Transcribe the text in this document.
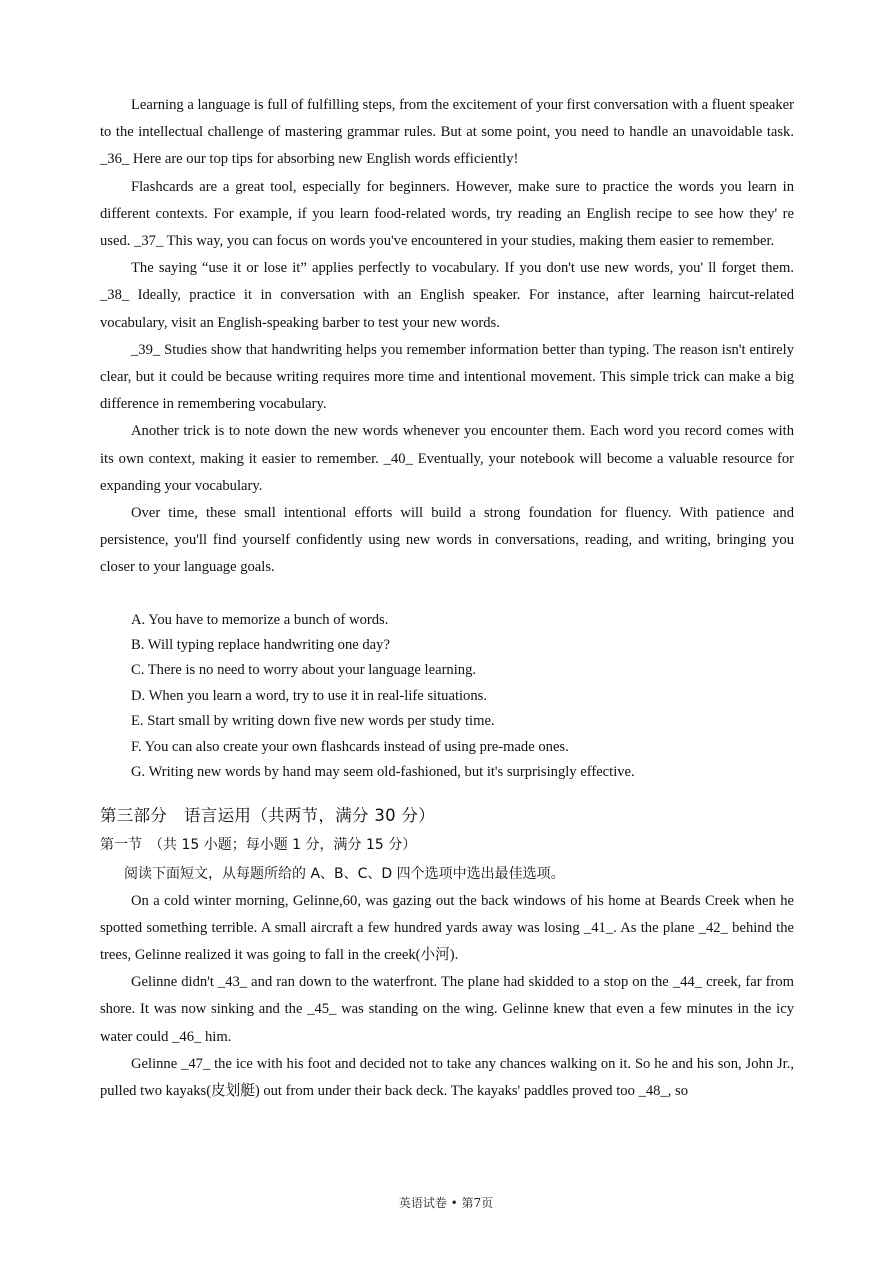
Learning a language is full of fulfilling steps, from the excitement of your first conversation with a fluent speaker to the intellectual challenge of mastering grammar rules. But at some point, you need to handle an unavoidable task. _36_ Here are our top tips for absorbing new English words efficiently!

Flashcards are a great tool, especially for beginners. However, make sure to practice the words you learn in different contexts. For example, if you learn food-related words, try reading an English recipe to see how they' re used. _37_ This way, you can focus on words you've encountered in your studies, making them easier to remember.

The saying “use it or lose it” applies perfectly to vocabulary. If you don't use new words, you' ll forget them. _38_ Ideally, practice it in conversation with an English speaker. For instance, after learning haircut-related vocabulary, visit an English-speaking barber to test your new words.

_39_ Studies show that handwriting helps you remember information better than typing. The reason isn't entirely clear, but it could be because writing requires more time and intentional movement. This simple trick can make a big difference in remembering vocabulary.

Another trick is to note down the new words whenever you encounter them. Each word you record comes with its own context, making it easier to remember. _40_ Eventually, your notebook will become a valuable resource for expanding your vocabulary.

Over time, these small intentional efforts will build a strong foundation for fluency. With patience and persistence, you'll find yourself confidently using new words in conversations, reading, and writing, bringing you closer to your language goals.

A. You have to memorize a bunch of words.

B. Will typing replace handwriting one day?

C. There is no need to worry about your language learning.

D. When you learn a word, try to use it in real-life situations.

E. Start small by writing down five new words per study time.

F. You can also create your own flashcards instead of using pre-made ones.

G. Writing new words by hand may seem old-fashioned, but it's surprisingly effective.

第三部分　语言运用（共两节，满分 30 分）

第一节　（共 15 小题；每小题 1 分，满分 15 分）

阅读下面短文，从每题所给的 A、B、C、D 四个选项中选出最佳选项。

On a cold winter morning, Gelinne,60, was gazing out the back windows of his home at Beards Creek when he spotted something terrible. A small aircraft a few hundred yards away was losing _41_. As the plane _42_ behind the trees, Gelinne realized it was going to fall in the creek(小河).

Gelinne didn't _43_ and ran down to the waterfront. The plane had skidded to a stop on the _44_ creek, far from shore. It was now sinking and the _45_ was standing on the wing. Gelinne knew that even a few minutes in the icy water could _46_ him.

Gelinne _47_ the ice with his foot and decided not to take any chances walking on it. So he and his son, John Jr., pulled two kayaks(皮划艇) out from under their back deck. The kayaks' paddles proved too _48_, so

英语试卷 • 第7页
